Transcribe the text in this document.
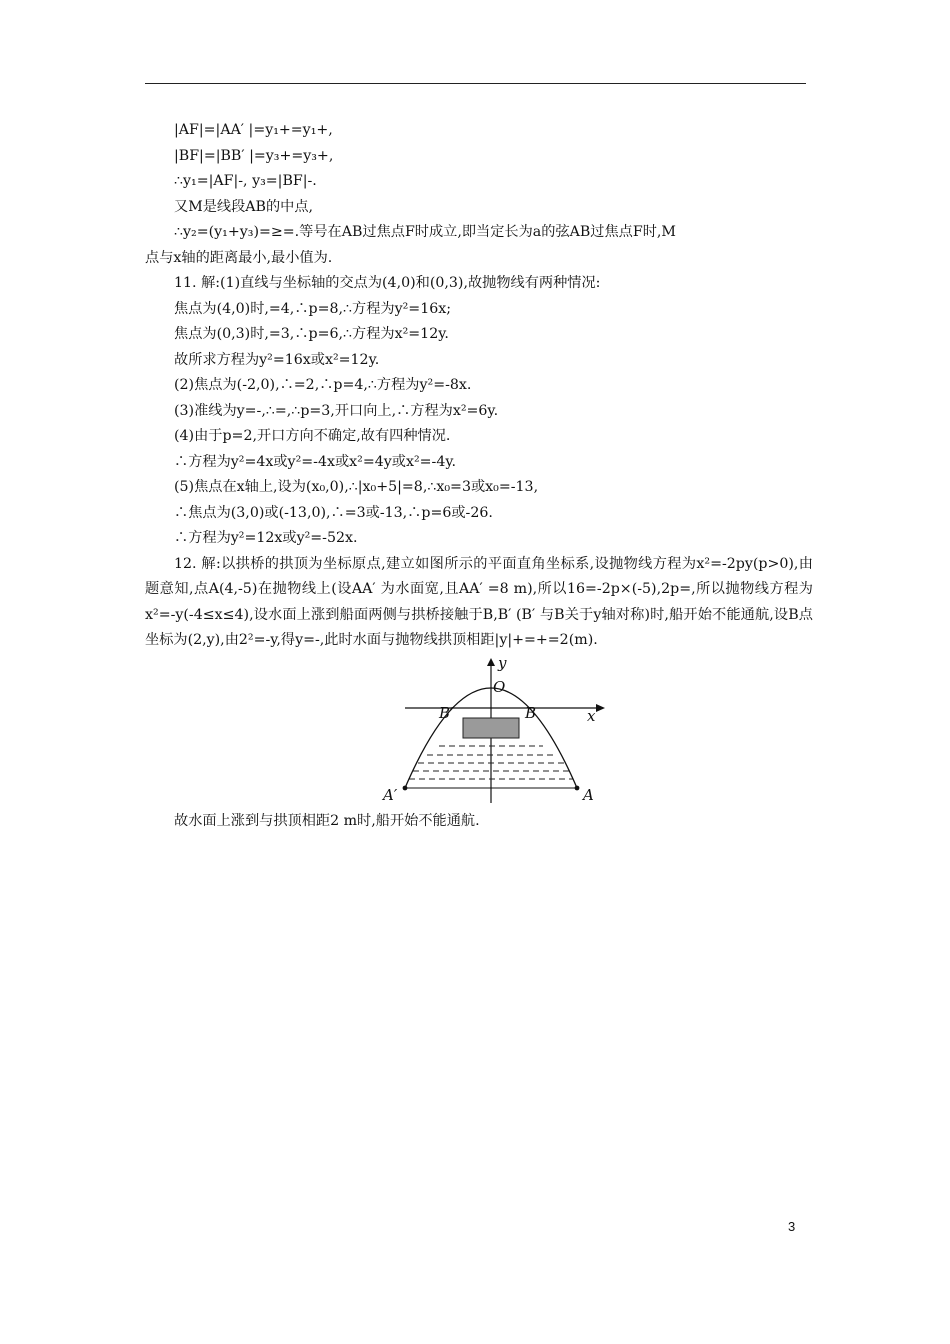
|AF|=|AA′ |=y₁+=y₁+,
|BF|=|BB′ |=y₃+=y₃+,
∴y₁=|AF|-, y₃=|BF|-.
又M是线段AB的中点,
∴y₂=(y₁+y₃)=≥=.等号在AB过焦点F时成立,即当定长为a的弦AB过焦点F时,M
点与x轴的距离最小,最小值为.
11. 解:(1)直线与坐标轴的交点为(4,0)和(0,3),故抛物线有两种情况:
焦点为(4,0)时,=4,∴p=8,∴方程为y²=16x;
焦点为(0,3)时,=3,∴p=6,∴方程为x²=12y.
故所求方程为y²=16x或x²=12y.
(2)焦点为(-2,0),∴=2,∴p=4,∴方程为y²=-8x.
(3)准线为y=-,∴=,∴p=3,开口向上,∴方程为x²=6y.
(4)由于p=2,开口方向不确定,故有四种情况.
∴方程为y²=4x或y²=-4x或x²=4y或x²=-4y.
(5)焦点在x轴上,设为(x₀,0),∴|x₀+5|=8,∴x₀=3或x₀=-13,
∴焦点为(3,0)或(-13,0),∴=3或-13,∴p=6或-26.
∴方程为y²=12x或y²=-52x.
12. 解:以拱桥的拱顶为坐标原点,建立如图所示的平面直角坐标系,设抛物线方程为x²=-2py(p>0),由题意知,点A(4,-5)在抛物线上(设AA′ 为水面宽,且AA′ =8 m),所以16=-2p×(-5),2p=,所以抛物线方程为x²=-y(-4≤x≤4),设水面上涨到船面两侧与拱桥接触于B,B′ (B′ 与B关于y轴对称)时,船开始不能通航,设B点坐标为(2,y),由2²=-y,得y=-,此时水面与抛物线拱顶相距|y|+=+=2(m).
y
O
x
B′	B
A′	A
故水面上涨到与拱顶相距2 m时,船开始不能通航.
3
